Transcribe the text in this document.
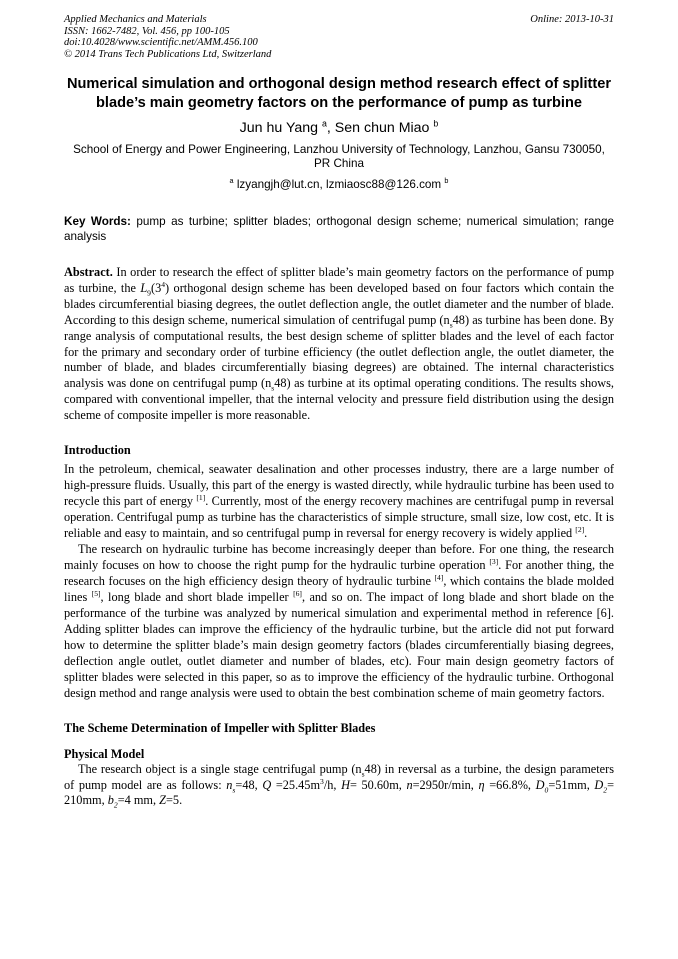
Applied Mechanics and Materials
ISSN: 1662-7482, Vol. 456, pp 100-105
doi:10.4028/www.scientific.net/AMM.456.100
© 2014 Trans Tech Publications Ltd, Switzerland
Online: 2013-10-31
Numerical simulation and orthogonal design method research effect of splitter blade’s main geometry factors on the performance of pump as turbine
Jun hu Yang $^a$, Sen chun Miao $^b$
School of Energy and Power Engineering, Lanzhou University of Technology, Lanzhou, Gansu 730050, PR China
$^a$ lzyangjh@lut.cn, lzmiaosc88@126.com $^b$
Key Words: pump as turbine; splitter blades; orthogonal design scheme; numerical simulation; range analysis
Abstract. In order to research the effect of splitter blade’s main geometry factors on the performance of pump as turbine, the $L_9(3^4)$ orthogonal design scheme has been developed based on four factors which contain the blades circumferential biasing degrees, the outlet deflection angle, the outlet diameter and the number of blade. According to this design scheme, numerical simulation of centrifugal pump $(n_s48)$ as turbine has been done. By range analysis of computational results, the best design scheme of splitter blades and the level of each factor for the primary and secondary order of turbine efficiency (the outlet deflection angle, the outlet diameter, the number of blade, and blades circumferentially biasing degrees) are obtained. The internal characteristics analysis was done on centrifugal pump $(n_s48)$ as turbine at its optimal operating conditions. The results shows, compared with conventional impeller, that the internal velocity and pressure field distribution using the design scheme of composite impeller is more reasonable.
Introduction

In the petroleum, chemical, seawater desalination and other processes industry, there are a large number of high-pressure fluids. Usually, this part of the energy is wasted directly, while hydraulic turbine has been used to recycle this part of energy [1]. Currently, most of the energy recovery machines are centrifugal pump in reversal operation. Centrifugal pump as turbine has the characteristics of simple structure, small size, low cost, etc. It is reliable and easy to maintain, and so centrifugal pump in reversal for energy recovery is widely applied [2].

The research on hydraulic turbine has become increasingly deeper than before. For one thing, the research mainly focuses on how to choose the right pump for the hydraulic turbine operation [3]. For another thing, the research focuses on the high efficiency design theory of hydraulic turbine [4], which contains the blade molded lines [5], long blade and short blade impeller [6], and so on. The impact of long blade and short blade on the performance of the turbine was analyzed by numerical simulation and experimental method in reference [6]. Adding splitter blades can improve the efficiency of the hydraulic turbine, but the article did not put forward how to determine the splitter blade’s main design geometry factors (blades circumferentially biasing degrees, deflection angle outlet, outlet diameter and number of blades, etc). Four main design geometry factors of splitter blades were selected in this paper, so as to improve the efficiency of the hydraulic turbine. Orthogonal design method and range analysis were used to obtain the best combination scheme of main geometry factors.

The Scheme Determination of Impeller with Splitter Blades
Physical Model

The research object is a single stage centrifugal pump $(n_s48)$ in reversal as a turbine, the design parameters of pump model are as follows: $n_s=48$, $Q =25.45m^3/h$, H= 50.60m, n=2950r/min, η =66.8%, $D_0=51mm$, $D_2= 210mm$, $b_2=4$ mm, Z=5.
